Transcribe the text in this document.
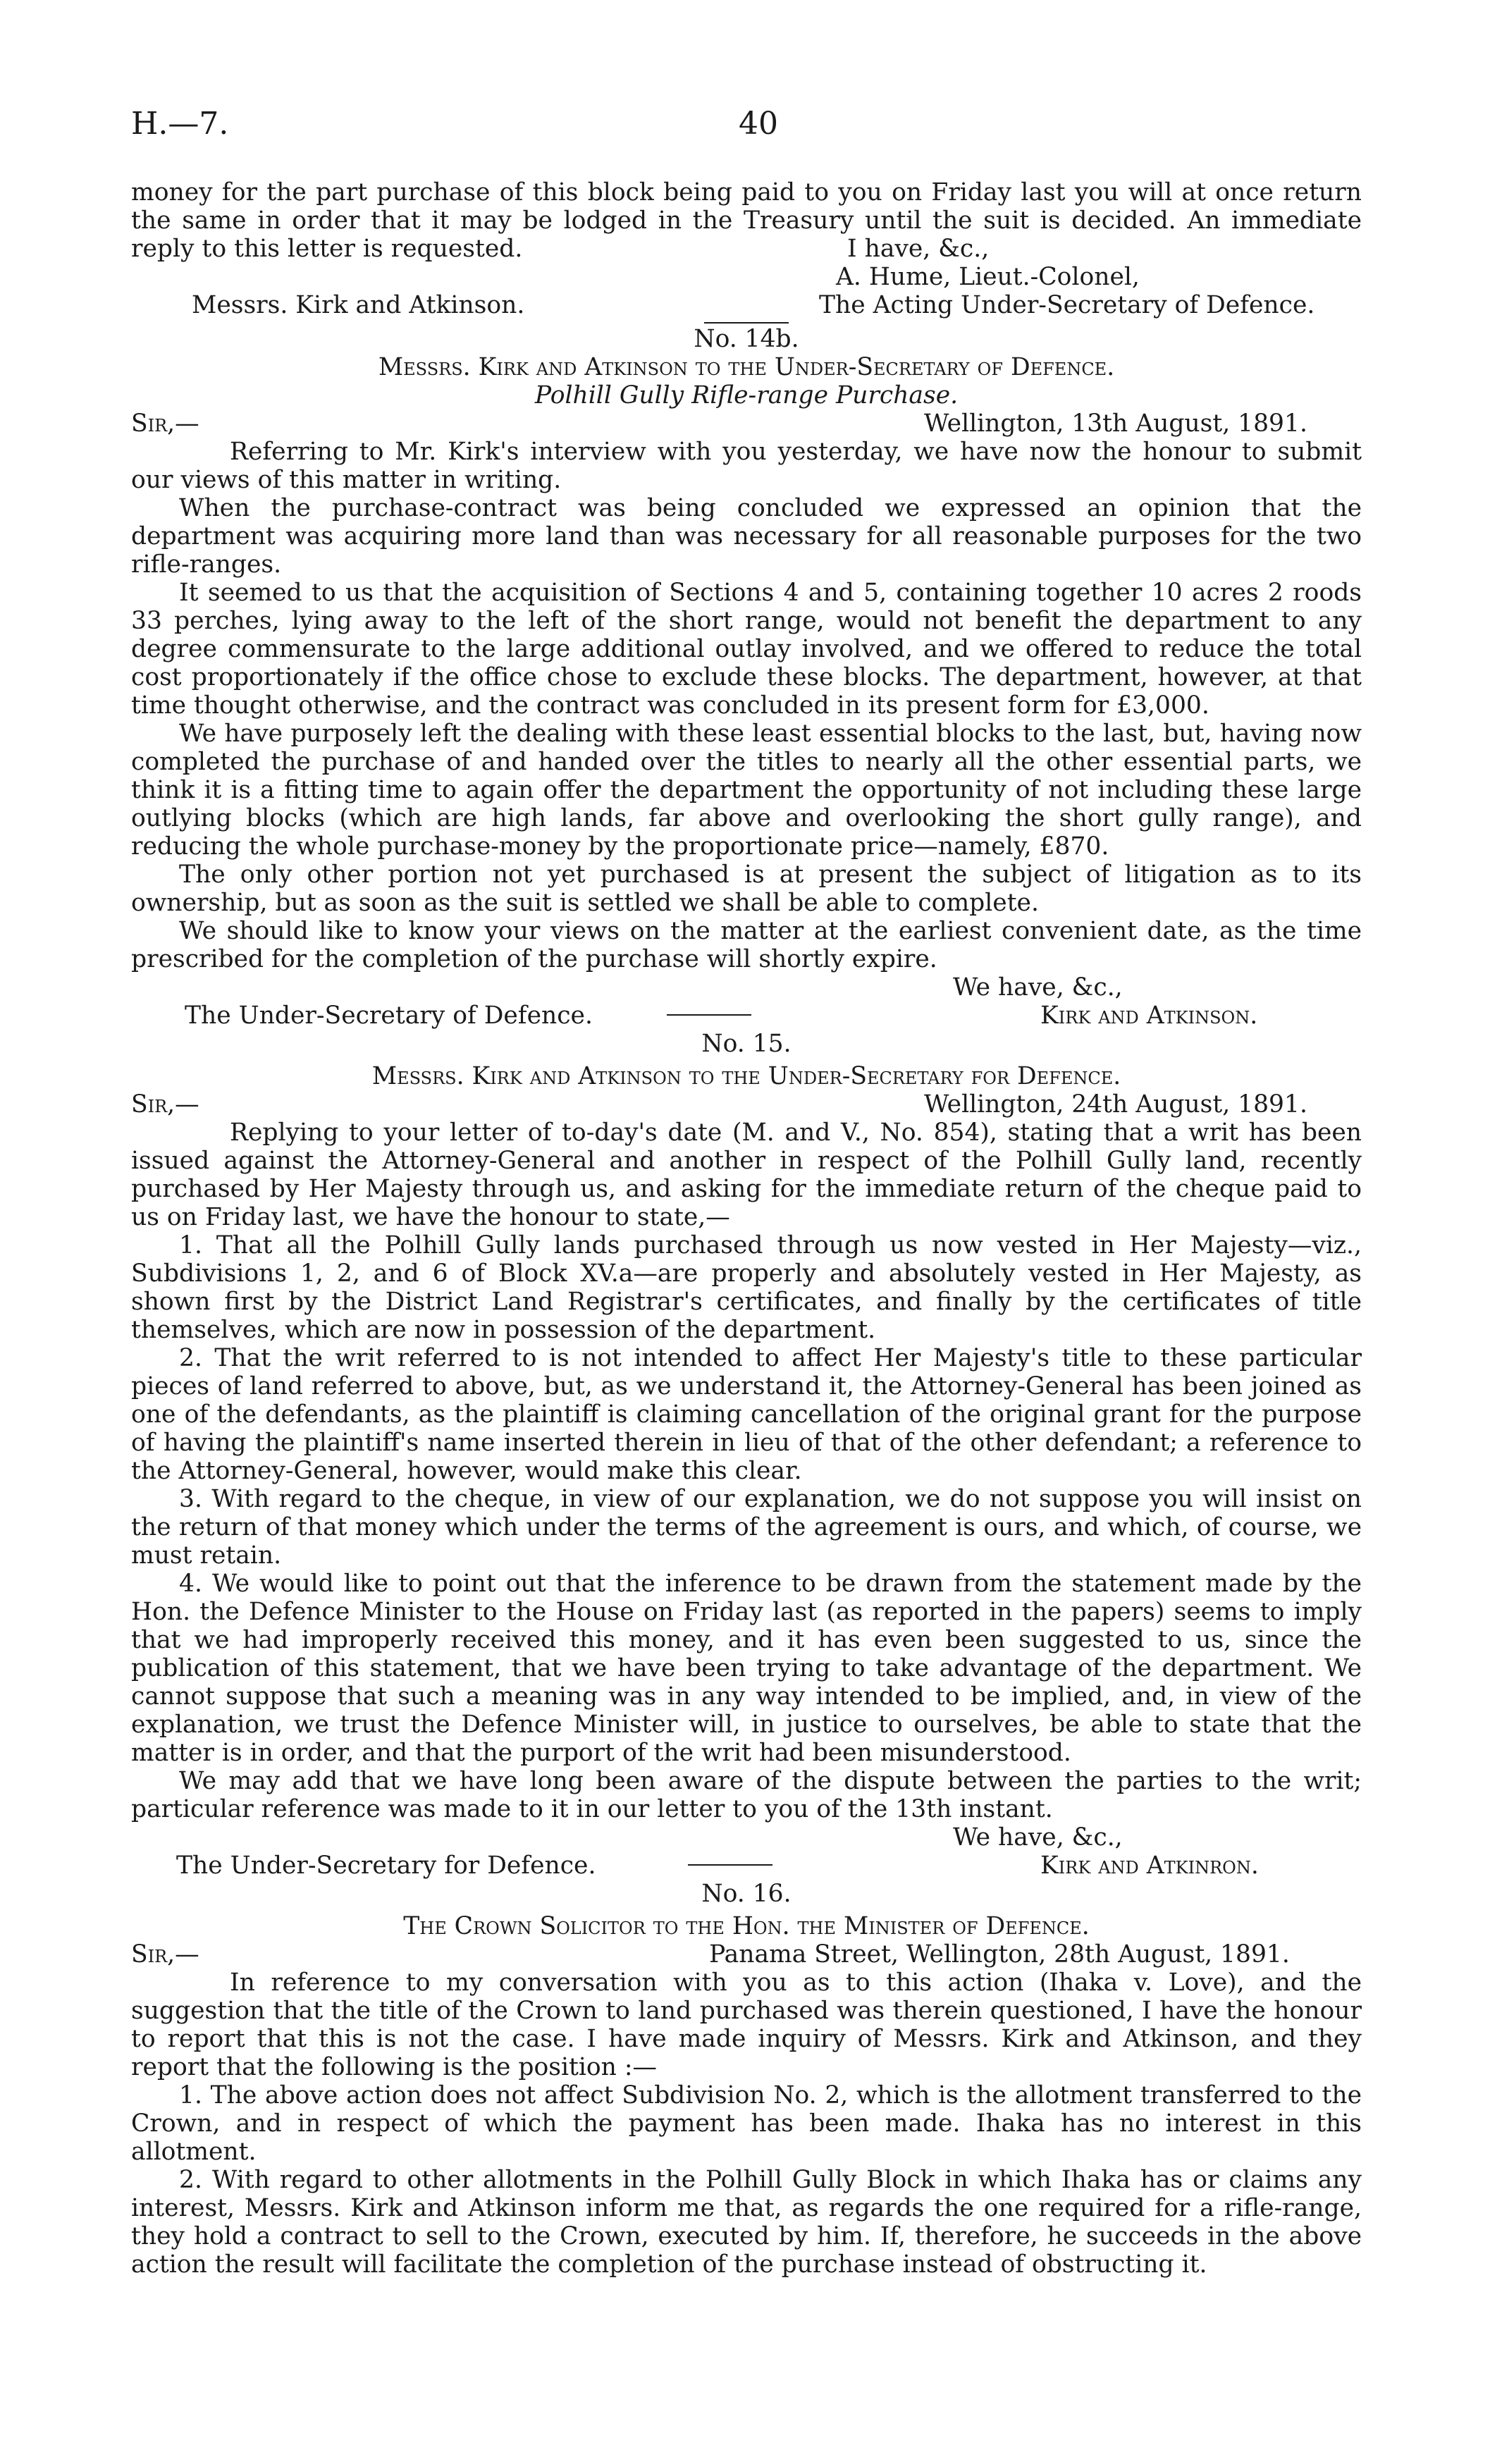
H.—7.	40

money for the part purchase of this block being paid to you on Friday last you will at once return the same in order that it may be lodged in the Treasury until the suit is decided. An immediate reply to this letter is requested.	I have, &c.,
A. Hume, Lieut.-Colonel,
Messrs. Kirk and Atkinson.	The Acting Under-Secretary of Defence.
No. 14b.
Messrs. Kirk and Atkinson to the Under-Secretary of Defence.
Polhill Gully Rifle-range Purchase.
Sir,—	Wellington, 13th August, 1891.

Referring to Mr. Kirk's interview with you yesterday, we have now the honour to submit our views of this matter in writing.

When the purchase-contract was being concluded we expressed an opinion that the department was acquiring more land than was necessary for all reasonable purposes for the two rifle-ranges.

It seemed to us that the acquisition of Sections 4 and 5, containing together 10 acres 2 roods 33 perches, lying away to the left of the short range, would not benefit the department to any degree commensurate to the large additional outlay involved, and we offered to reduce the total cost proportionately if the office chose to exclude these blocks. The department, however, at that time thought otherwise, and the contract was concluded in its present form for £3,000.

We have purposely left the dealing with these least essential blocks to the last, but, having now completed the purchase of and handed over the titles to nearly all the other essential parts, we think it is a fitting time to again offer the department the opportunity of not including these large outlying blocks (which are high lands, far above and overlooking the short gully range), and reducing the whole purchase-money by the proportionate price—namely, £870.

The only other portion not yet purchased is at present the subject of litigation as to its ownership, but as soon as the suit is settled we shall be able to complete.

We should like to know your views on the matter at the earliest convenient date, as the time prescribed for the completion of the purchase will shortly expire.

We have, &c.,
The Under-Secretary of Defence.	Kirk and Atkinson.
No. 15.
Messrs. Kirk and Atkinson to the Under-Secretary for Defence.
Sir,—	Wellington, 24th August, 1891.

Replying to your letter of to-day's date (M. and V., No. 854), stating that a writ has been issued against the Attorney-General and another in respect of the Polhill Gully land, recently purchased by Her Majesty through us, and asking for the immediate return of the cheque paid to us on Friday last, we have the honour to state,—

1. That all the Polhill Gully lands purchased through us now vested in Her Majesty—viz., Subdivisions 1, 2, and 6 of Block XV.a—are properly and absolutely vested in Her Majesty, as shown first by the District Land Registrar's certificates, and finally by the certificates of title themselves, which are now in possession of the department.

2. That the writ referred to is not intended to affect Her Majesty's title to these particular pieces of land referred to above, but, as we understand it, the Attorney-General has been joined as one of the defendants, as the plaintiff is claiming cancellation of the original grant for the purpose of having the plaintiff's name inserted therein in lieu of that of the other defendant; a reference to the Attorney-General, however, would make this clear.

3. With regard to the cheque, in view of our explanation, we do not suppose you will insist on the return of that money which under the terms of the agreement is ours, and which, of course, we must retain.

4. We would like to point out that the inference to be drawn from the statement made by the Hon. the Defence Minister to the House on Friday last (as reported in the papers) seems to imply that we had improperly received this money, and it has even been suggested to us, since the publication of this statement, that we have been trying to take advantage of the department. We cannot suppose that such a meaning was in any way intended to be implied, and, in view of the explanation, we trust the Defence Minister will, in justice to ourselves, be able to state that the matter is in order, and that the purport of the writ had been misunderstood.

We may add that we have long been aware of the dispute between the parties to the writ; particular reference was made to it in our letter to you of the 13th instant.

We have, &c.,
The Under-Secretary for Defence.	Kirk and Atkinron.
No. 16.
The Crown Solicitor to the Hon. the Minister of Defence.
Sir,—	Panama Street, Wellington, 28th August, 1891.

In reference to my conversation with you as to this action (Ihaka v. Love), and the suggestion that the title of the Crown to land purchased was therein questioned, I have the honour to report that this is not the case. I have made inquiry of Messrs. Kirk and Atkinson, and they report that the following is the position :—

1. The above action does not affect Subdivision No. 2, which is the allotment transferred to the Crown, and in respect of which the payment has been made. Ihaka has no interest in this allotment.

2. With regard to other allotments in the Polhill Gully Block in which Ihaka has or claims any interest, Messrs. Kirk and Atkinson inform me that, as regards the one required for a rifle-range, they hold a contract to sell to the Crown, executed by him. If, therefore, he succeeds in the above action the result will facilitate the completion of the purchase instead of obstructing it.
